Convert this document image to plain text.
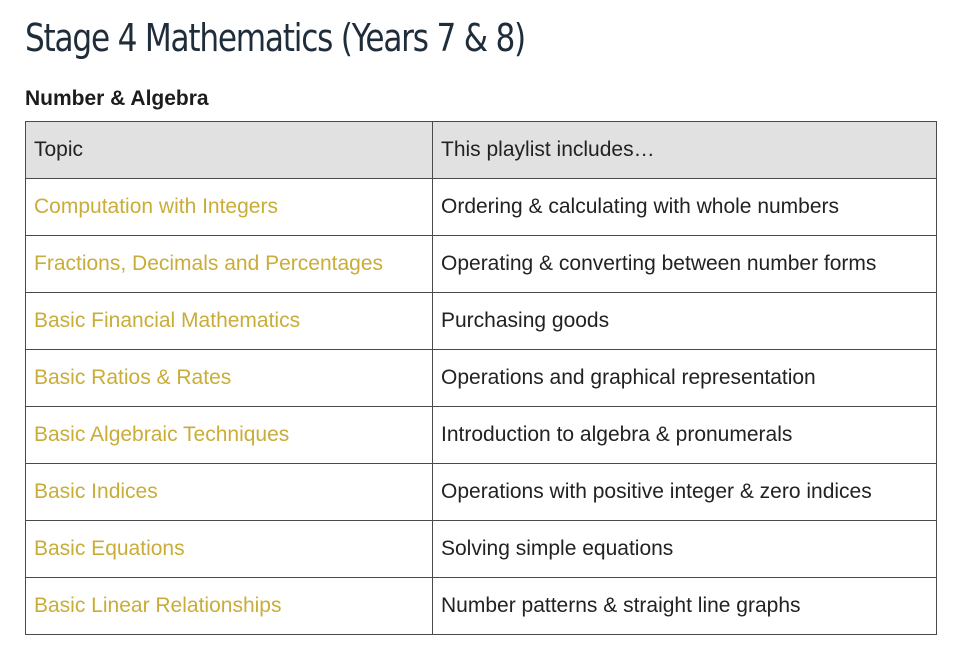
Stage 4 Mathematics (Years 7 & 8)
Number & Algebra
Topic	This playlist includes…
Computation with Integers	Ordering & calculating with whole numbers
Fractions, Decimals and Percentages	Operating & converting between number forms
Basic Financial Mathematics	Purchasing goods
Basic Ratios & Rates	Operations and graphical representation
Basic Algebraic Techniques	Introduction to algebra & pronumerals
Basic Indices	Operations with positive integer & zero indices
Basic Equations	Solving simple equations
Basic Linear Relationships	Number patterns & straight line graphs
